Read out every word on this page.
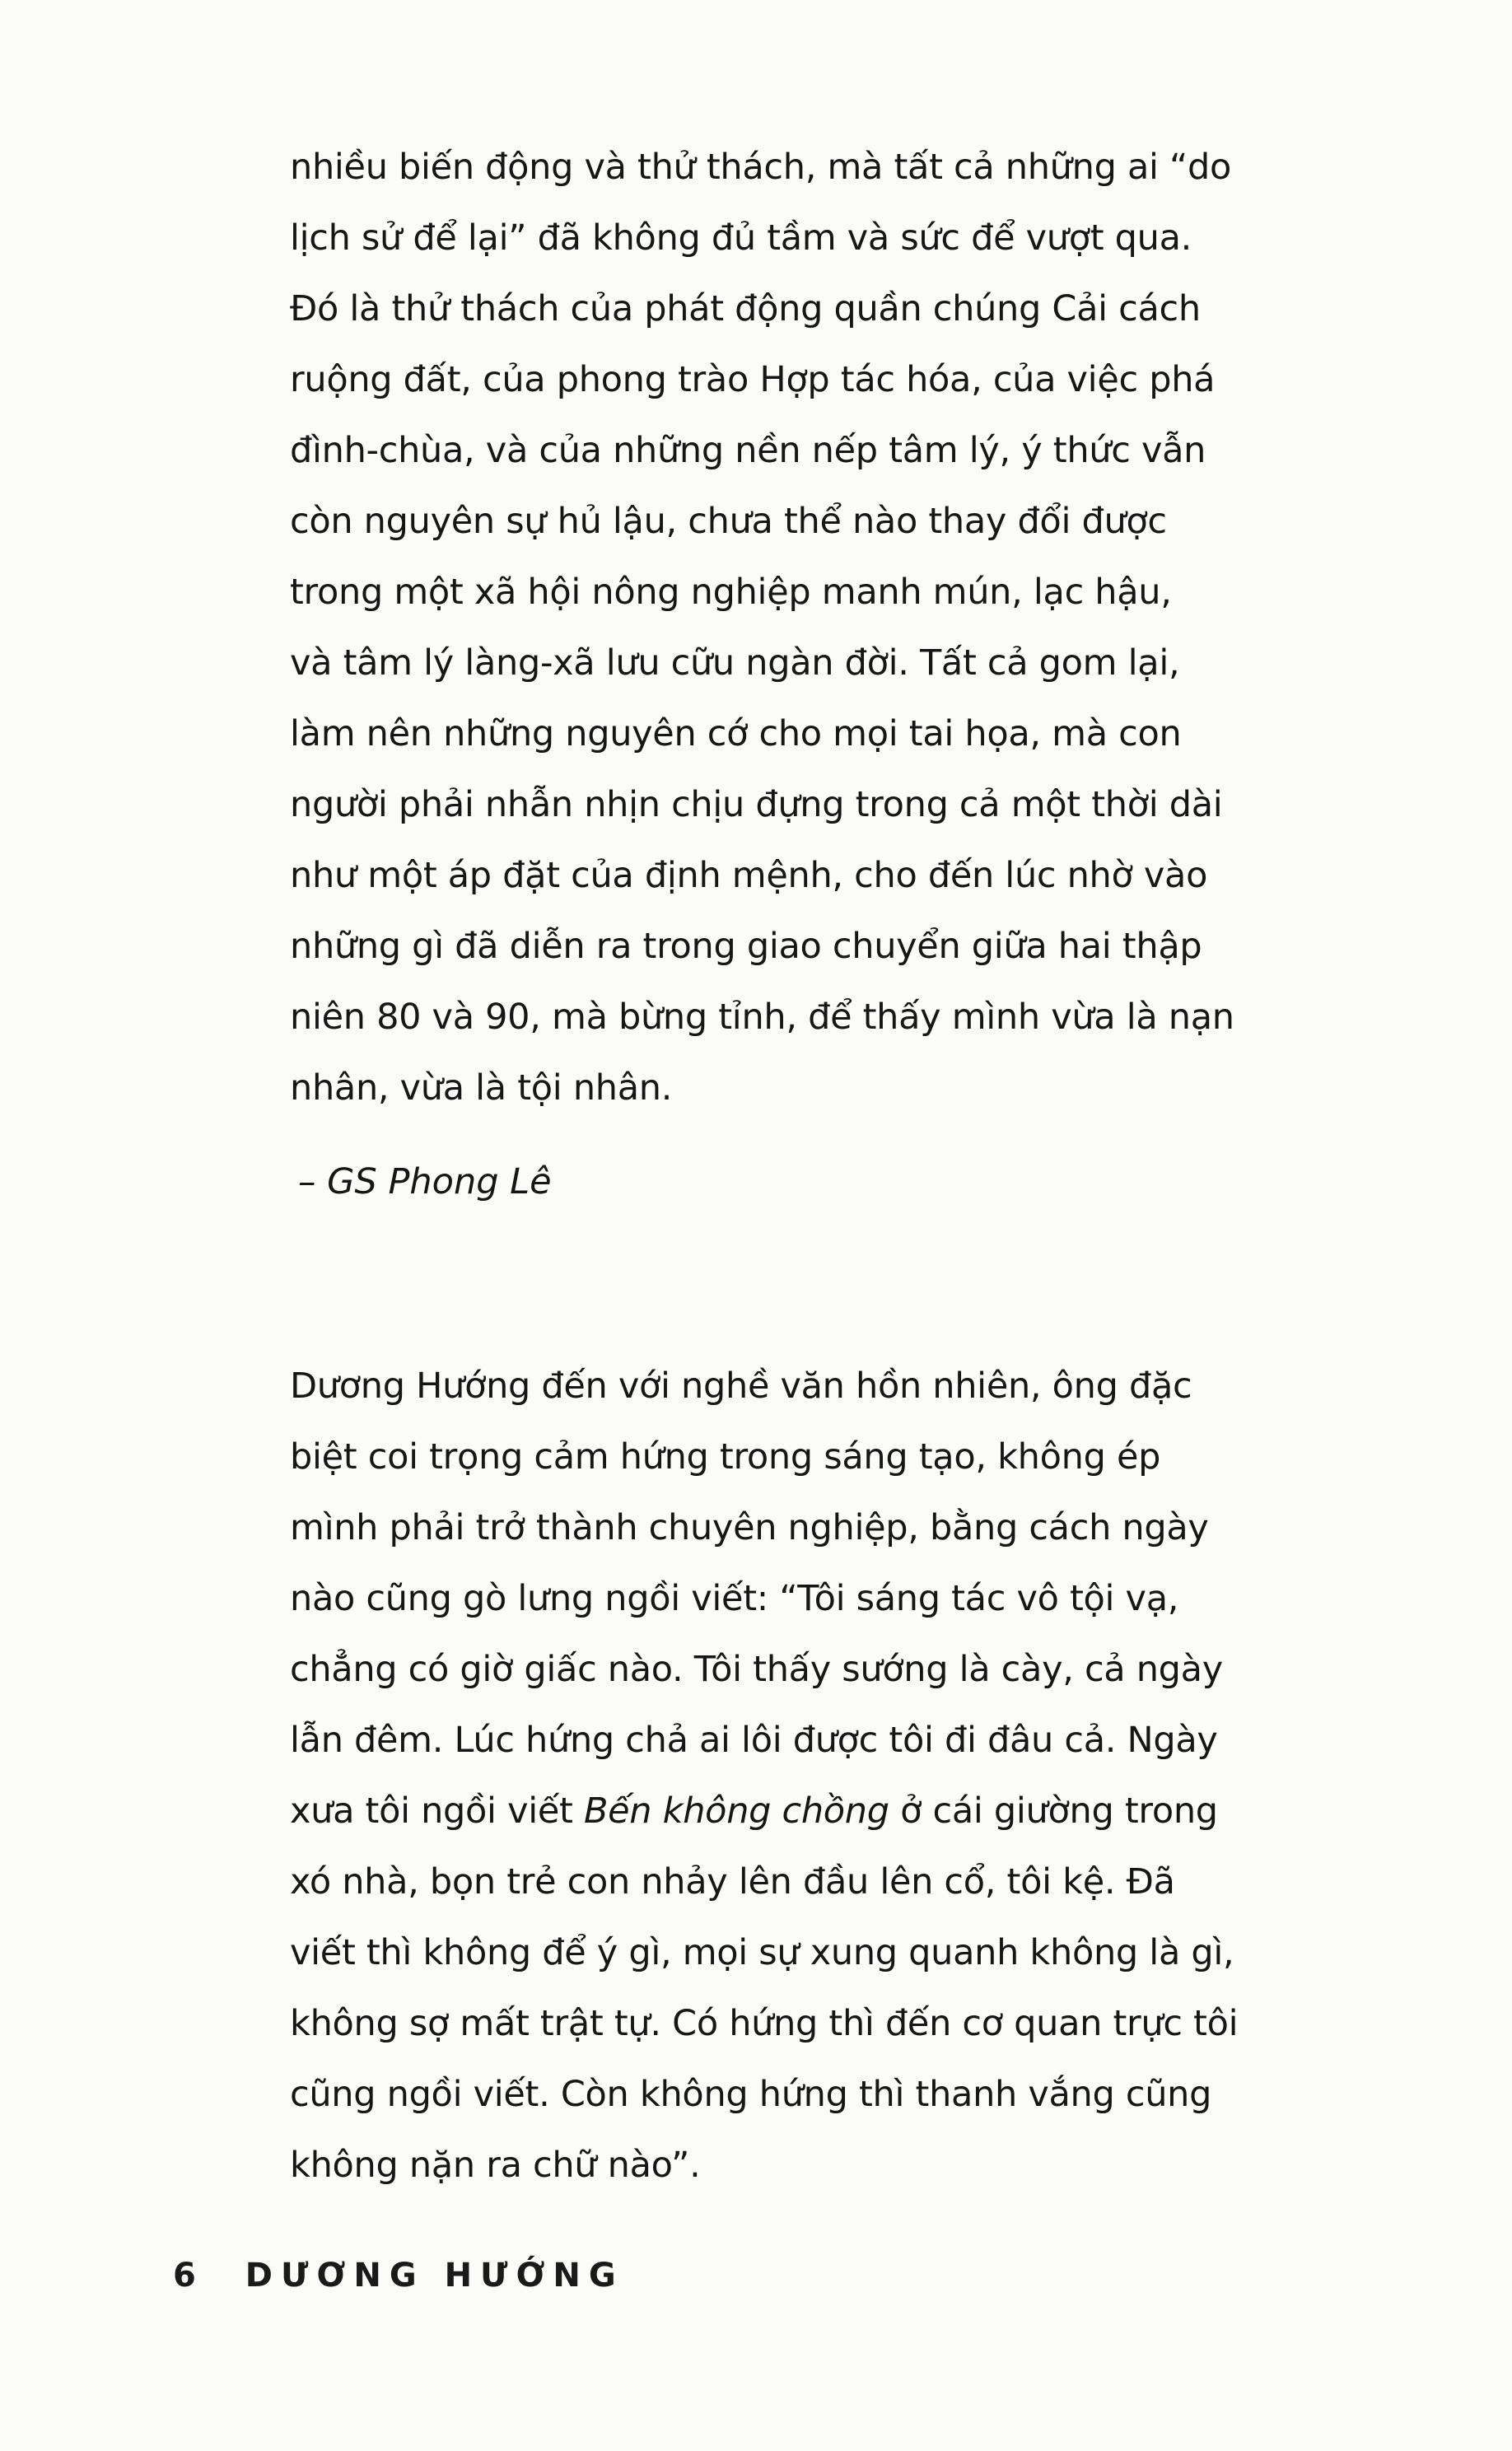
nhiều biến động và thử thách, mà tất cả những ai “do
lịch sử để lại” đã không đủ tầm và sức để vượt qua.
Đó là thử thách của phát động quần chúng Cải cách
ruộng đất, của phong trào Hợp tác hóa, của việc phá
đình-chùa, và của những nền nếp tâm lý, ý thức vẫn
còn nguyên sự hủ lậu, chưa thể nào thay đổi được
trong một xã hội nông nghiệp manh mún, lạc hậu,
và tâm lý làng-xã lưu cữu ngàn đời. Tất cả gom lại,
làm nên những nguyên cớ cho mọi tai họa, mà con
người phải nhẫn nhịn chịu đựng trong cả một thời dài
như một áp đặt của định mệnh, cho đến lúc nhờ vào
những gì đã diễn ra trong giao chuyển giữa hai thập
niên 80 và 90, mà bừng tỉnh, để thấy mình vừa là nạn
nhân, vừa là tội nhân.
– GS Phong Lê
Dương Hướng đến với nghề văn hồn nhiên, ông đặc
biệt coi trọng cảm hứng trong sáng tạo, không ép
mình phải trở thành chuyên nghiệp, bằng cách ngày
nào cũng gò lưng ngồi viết: “Tôi sáng tác vô tội vạ,
chẳng có giờ giấc nào. Tôi thấy sướng là cày, cả ngày
lẫn đêm. Lúc hứng chả ai lôi được tôi đi đâu cả. Ngày
xưa tôi ngồi viết Bến không chồng ở cái giường trong
xó nhà, bọn trẻ con nhảy lên đầu lên cổ, tôi kệ. Đã
viết thì không để ý gì, mọi sự xung quanh không là gì,
không sợ mất trật tự. Có hứng thì đến cơ quan trực tôi
cũng ngồi viết. Còn không hứng thì thanh vắng cũng
không nặn ra chữ nào”.
6 DƯƠNG HƯỚNG
